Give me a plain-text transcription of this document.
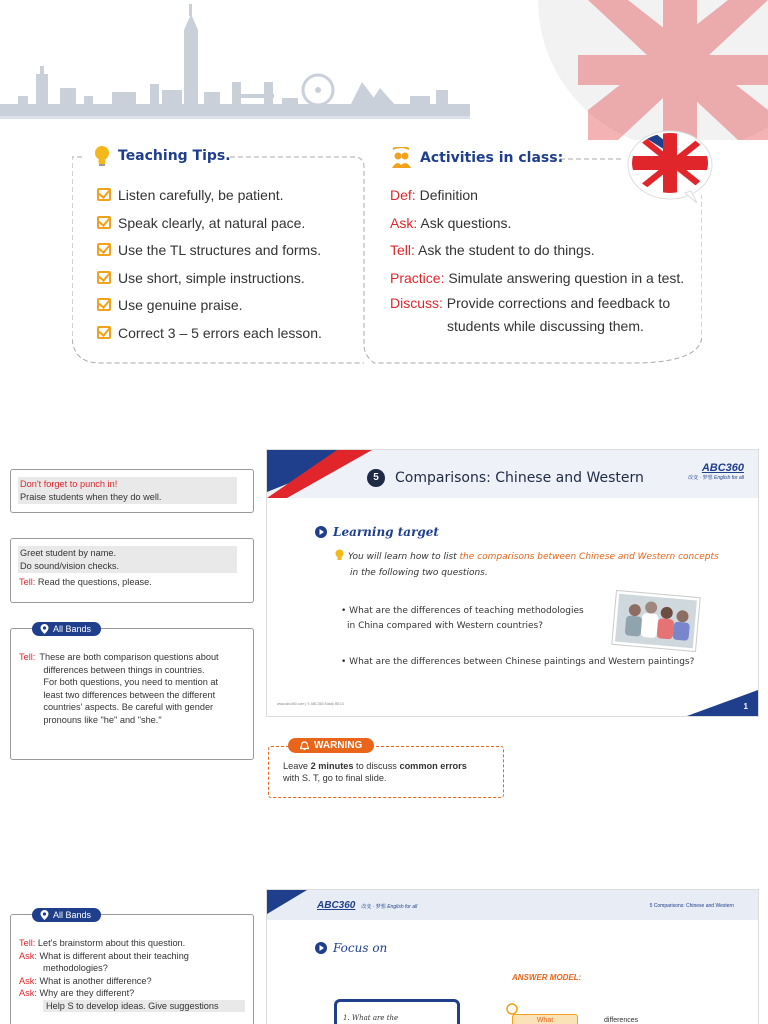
Teaching Tips.
Listen carefully, be patient.
Speak clearly, at natural pace.
Use the TL structures and forms.
Use short, simple instructions.
Use genuine praise.
Correct 3 – 5 errors each lesson.
Activities in class:
Def: Definition
Ask: Ask questions.
Tell: Ask the student to do things.
Practice: Simulate answering question in a test.
Discuss: Provide corrections and feedback to
students while discussing them.
Don't forget to punch in!
Praise students when they do well.
Greet student by name.
Do sound/vision checks.
Tell: Read the questions, please.
Tell: These are both comparison questions about
differences between things in countries.
For both questions, you need to mention at
least two differences between the different
countries' aspects. Be careful with gender
pronouns like "he" and "she."
All Bands
5	Comparisons: Chinese and Western
ABC360
改变 · 梦想 English for all
Learning target
You will learn how to list the comparisons between Chinese and Western concepts
in the following two questions.
• What are the differences of teaching methodologies
in China compared with Western countries?
• What are the differences between Chinese paintings and Western paintings?
www.abc360.com | © ABC360 Easily BELS	1
Leave 2 minutes to discuss common errors
with S. T, go to final slide.
WARNING
Tell: Let's brainstorm about this question.
Ask: What is different about their teaching
methodologies?
Ask: What is another difference?
Ask: Why are they different?
Help S to develop ideas. Give suggestions
All Bands
ABC360 改变 · 梦想 English for all	5 Comparisons: Chinese and Western
Focus on
ANSWER MODEL:
1. What are the	What	differences
